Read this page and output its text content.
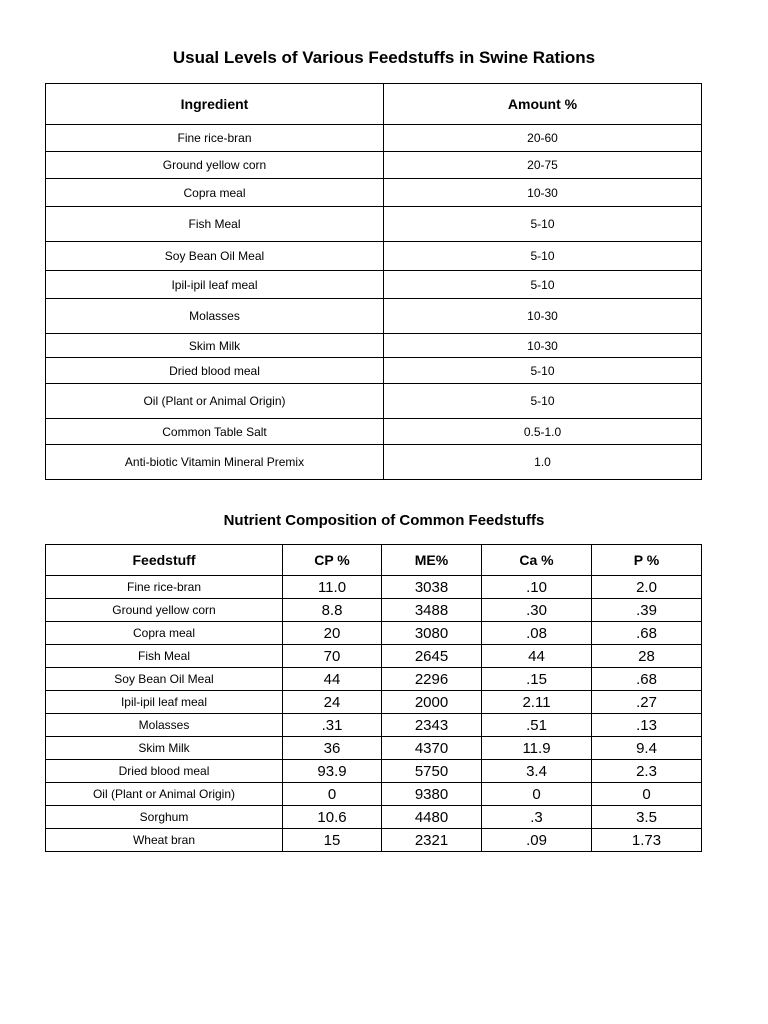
Usual Levels of Various Feedstuffs in Swine Rations
Ingredient	Amount %
Fine rice-bran	20-60
Ground yellow corn	20-75
Copra meal	10-30
Fish Meal	5-10
Soy Bean Oil Meal	5-10
Ipil-ipil leaf meal	5-10
Molasses	10-30
Skim Milk	10-30
Dried blood meal	5-10
Oil (Plant or Animal Origin)	5-10
Common Table Salt	0.5-1.0
Anti-biotic Vitamin Mineral Premix	1.0
Nutrient Composition of Common Feedstuffs
Feedstuff	CP %	ME%	Ca %	P %
Fine rice-bran	11.0	3038	.10	2.0
Ground yellow corn	8.8	3488	.30	.39
Copra meal	20	3080	.08	.68
Fish Meal	70	2645	44	28
Soy Bean Oil Meal	44	2296	.15	.68
Ipil-ipil leaf meal	24	2000	2.11	.27
Molasses	.31	2343	.51	.13
Skim Milk	36	4370	11.9	9.4
Dried blood meal	93.9	5750	3.4	2.3
Oil (Plant or Animal Origin)	0	9380	0	0
Sorghum	10.6	4480	.3	3.5
Wheat bran	15	2321	.09	1.73
